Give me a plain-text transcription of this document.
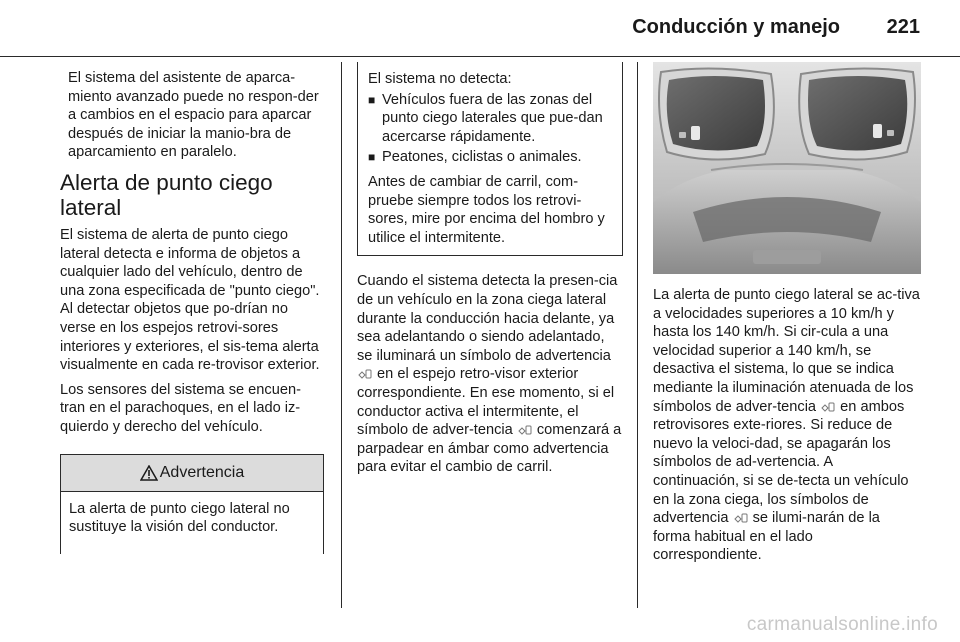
Conducción y manejo 221

El sistema del asistente de aparca-miento avanzado puede no respon-der a cambios en el espacio para aparcar después de iniciar la manio-bra de aparcamiento en paralelo.

Alerta de punto ciego lateral

El sistema de alerta de punto ciego lateral detecta e informa de objetos a cualquier lado del vehículo, dentro de una zona especificada de "punto ciego". Al detectar objetos que po-drían no verse en los espejos retrovi-sores interiores y exteriores, el sis-tema alerta visualmente en cada re-trovisor exterior.

Los sensores del sistema se encuen-tran en el parachoques, en el lado iz-quierdo y derecho del vehículo.

Advertencia

La alerta de punto ciego lateral no sustituye la visión del conductor.

El sistema no detecta:

■ Vehículos fuera de las zonas del punto ciego laterales que pue-dan acercarse rápidamente.

■ Peatones, ciclistas o animales.

Antes de cambiar de carril, com-pruebe siempre todos los retrovi-sores, mire por encima del hombro y utilice el intermitente.

Cuando el sistema detecta la presen-cia de un vehículo en la zona ciega lateral durante la conducción hacia delante, ya sea adelantando o siendo adelantado, se iluminará un símbolo de advertencia  en el espejo retro-visor exterior correspondiente. En ese momento, si el conductor activa el intermitente, el símbolo de adver-tencia  comenzará a parpadear en ámbar como advertencia para evitar el cambio de carril.

La alerta de punto ciego lateral se ac-tiva a velocidades superiores a 10 km/h y hasta los 140 km/h. Si cir-cula a una velocidad superior a 140 km/h, se desactiva el sistema, lo que se indica mediante la iluminación atenuada de los símbolos de adver-tencia  en ambos retrovisores exte-riores. Si reduce de nuevo la veloci-dad, se apagarán los símbolos de ad-vertencia. A continuación, si se de-tecta un vehículo en la zona ciega, los símbolos de advertencia  se ilumi-narán de la forma habitual en el lado correspondiente.

carmanualsonline.info
